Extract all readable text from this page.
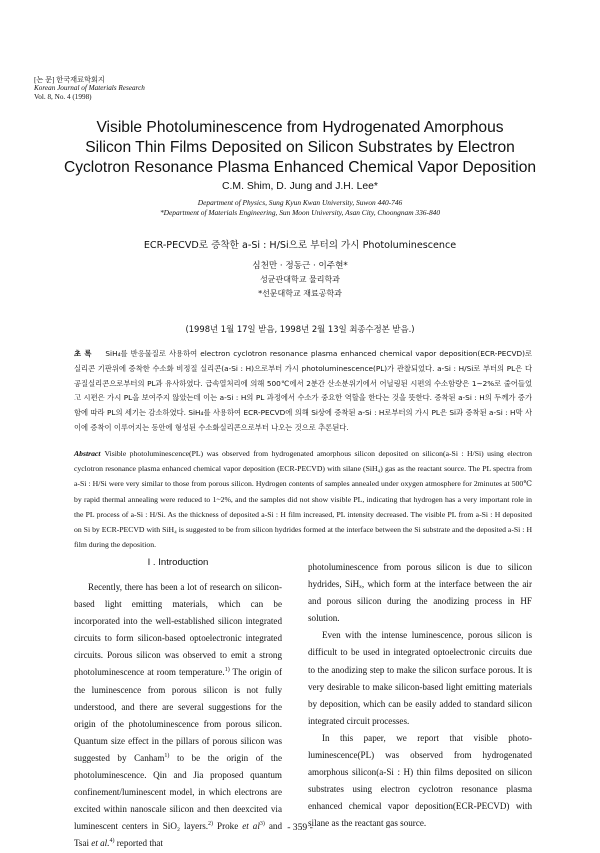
[논 문] 한국재료학회지
Korean Journal of Materials Research
Vol. 8, No. 4 (1998)
Visible Photoluminescence from Hydrogenated Amorphous
Silicon Thin Films Deposited on Silicon Substrates by Electron
Cyclotron Resonance Plasma Enhanced Chemical Vapor Deposition
C.M. Shim, D. Jung and J.H. Lee*
Department of Physics, Sung Kyun Kwan University, Suwon 440-746
*Department of Materials Engineering, Sun Moon University, Asan City, Choongnam 336-840
ECR-PECVD로 증착한 a-Si : H/Si으로 부터의 가시 Photoluminescence
심천만 · 정동근 · 이주현*
성균관대학교 물리학과
*선문대학교 재료공학과
(1998년 1월 17일 받음, 1998년 2월 13일 최종수정본 받음.)
초 록 SiH₄를 반응물질로 사용하여 electron cyclotron resonance plasma enhanced chemical vapor deposition(ECR-PECVD)로 실리콘 기판위에 증착한 수소화 비정질 실리콘(a-Si : H)으로부터 가시 photoluminescence(PL)가 관찰되었다. a-Si : H/Si로 부터의 PL은 다공질실리콘으로부터의 PL과 유사하였다. 급속열처리에 의해 500℃에서 2분간 산소분위기에서 어닐링된 시편의 수소함량은 1~2%로 줄어들었고 시편은 가시 PL을 보여주지 않았는데 이는 a-Si : H의 PL 과정에서 수소가 중요한 역할을 한다는 것을 뜻한다. 증착된 a-Si : H의 두께가 증가함에 따라 PL의 세기는 감소하였다. SiH₄를 사용하여 ECR-PECVD에 의해 Si상에 증착된 a-Si : H로부터의 가시 PL은 Si과 증착된 a-Si : H막 사이에 증착이 이루어지는 동안에 형성된 수소화실리콘으로부터 나오는 것으로 추론된다.
Abstract Visible photoluminescence(PL) was observed from hydrogenated amorphous silicon deposited on silicon(a-Si : H/Si) using electron cyclotron resonance plasma enhanced chemical vapor deposition (ECR-PECVD) with silane (SiH₄) gas as the reactant source. The PL spectra from a-Si : H/Si were very similar to those from porous silicon. Hydrogen contents of samples annealed under oxygen atmosphere for 2minutes at 500℃ by rapid thermal annealing were reduced to 1~2%, and the samples did not show visible PL, indicating that hydrogen has a very important role in the PL process of a-Si : H/Si. As the thickness of deposited a-Si : H film increased, PL intensity decreased. The visible PL from a-Si : H deposited on Si by ECR-PECVD with SiH₄ is suggested to be from silicon hydrides formed at the interface between the Si substrate and the deposited a-Si : H film during the deposition.
I . Introduction

Recently, there has been a lot of research on silicon-based light emitting materials, which can be incorporated into the well-established silicon integrated circuits to form silicon-based optoelectronic integrated circuits. Porous silicon was observed to emit a strong photoluminescence at room temperature.$^{1)}$ The origin of the luminescence from porous silicon is not fully understood, and there are several suggestions for the origin of the photoluminescence from porous silicon. Quantum size effect in the pillars of porous silicon was suggested by Canham$^{1)}$ to be the origin of the photoluminescence. Qin and Jia proposed quantum confinement/luminescent model, in which electrons are excited within nanoscale silicon and then deexcited via luminescent centers in SiO₂ layers.$^{2)}$ Proke et $al^{3)}$ and Tsai et al.$^{4)}$ reported that

photoluminescence from porous silicon is due to silicon hydrides, SiHₓ, which form at the interface between the air and porous silicon during the anodizing process in HF solution.

Even with the intense luminescence, porous silicon is difficult to be used in integrated optoelectronic circuits due to the anodizing step to make the silicon surface porous. It is very desirable to make silicon-based light emitting materials by deposition, which can be easily added to standard silicon integrated circuit processes.

In this paper, we report that visible photo-luminescence(PL) was observed from hydrogenated amorphous silicon(a-Si : H) thin films deposited on silicon substrates using electron cyclotron resonance plasma enhanced chemical vapor deposition(ECR-PECVD) with silane as the reactant gas source.

- 359 -
